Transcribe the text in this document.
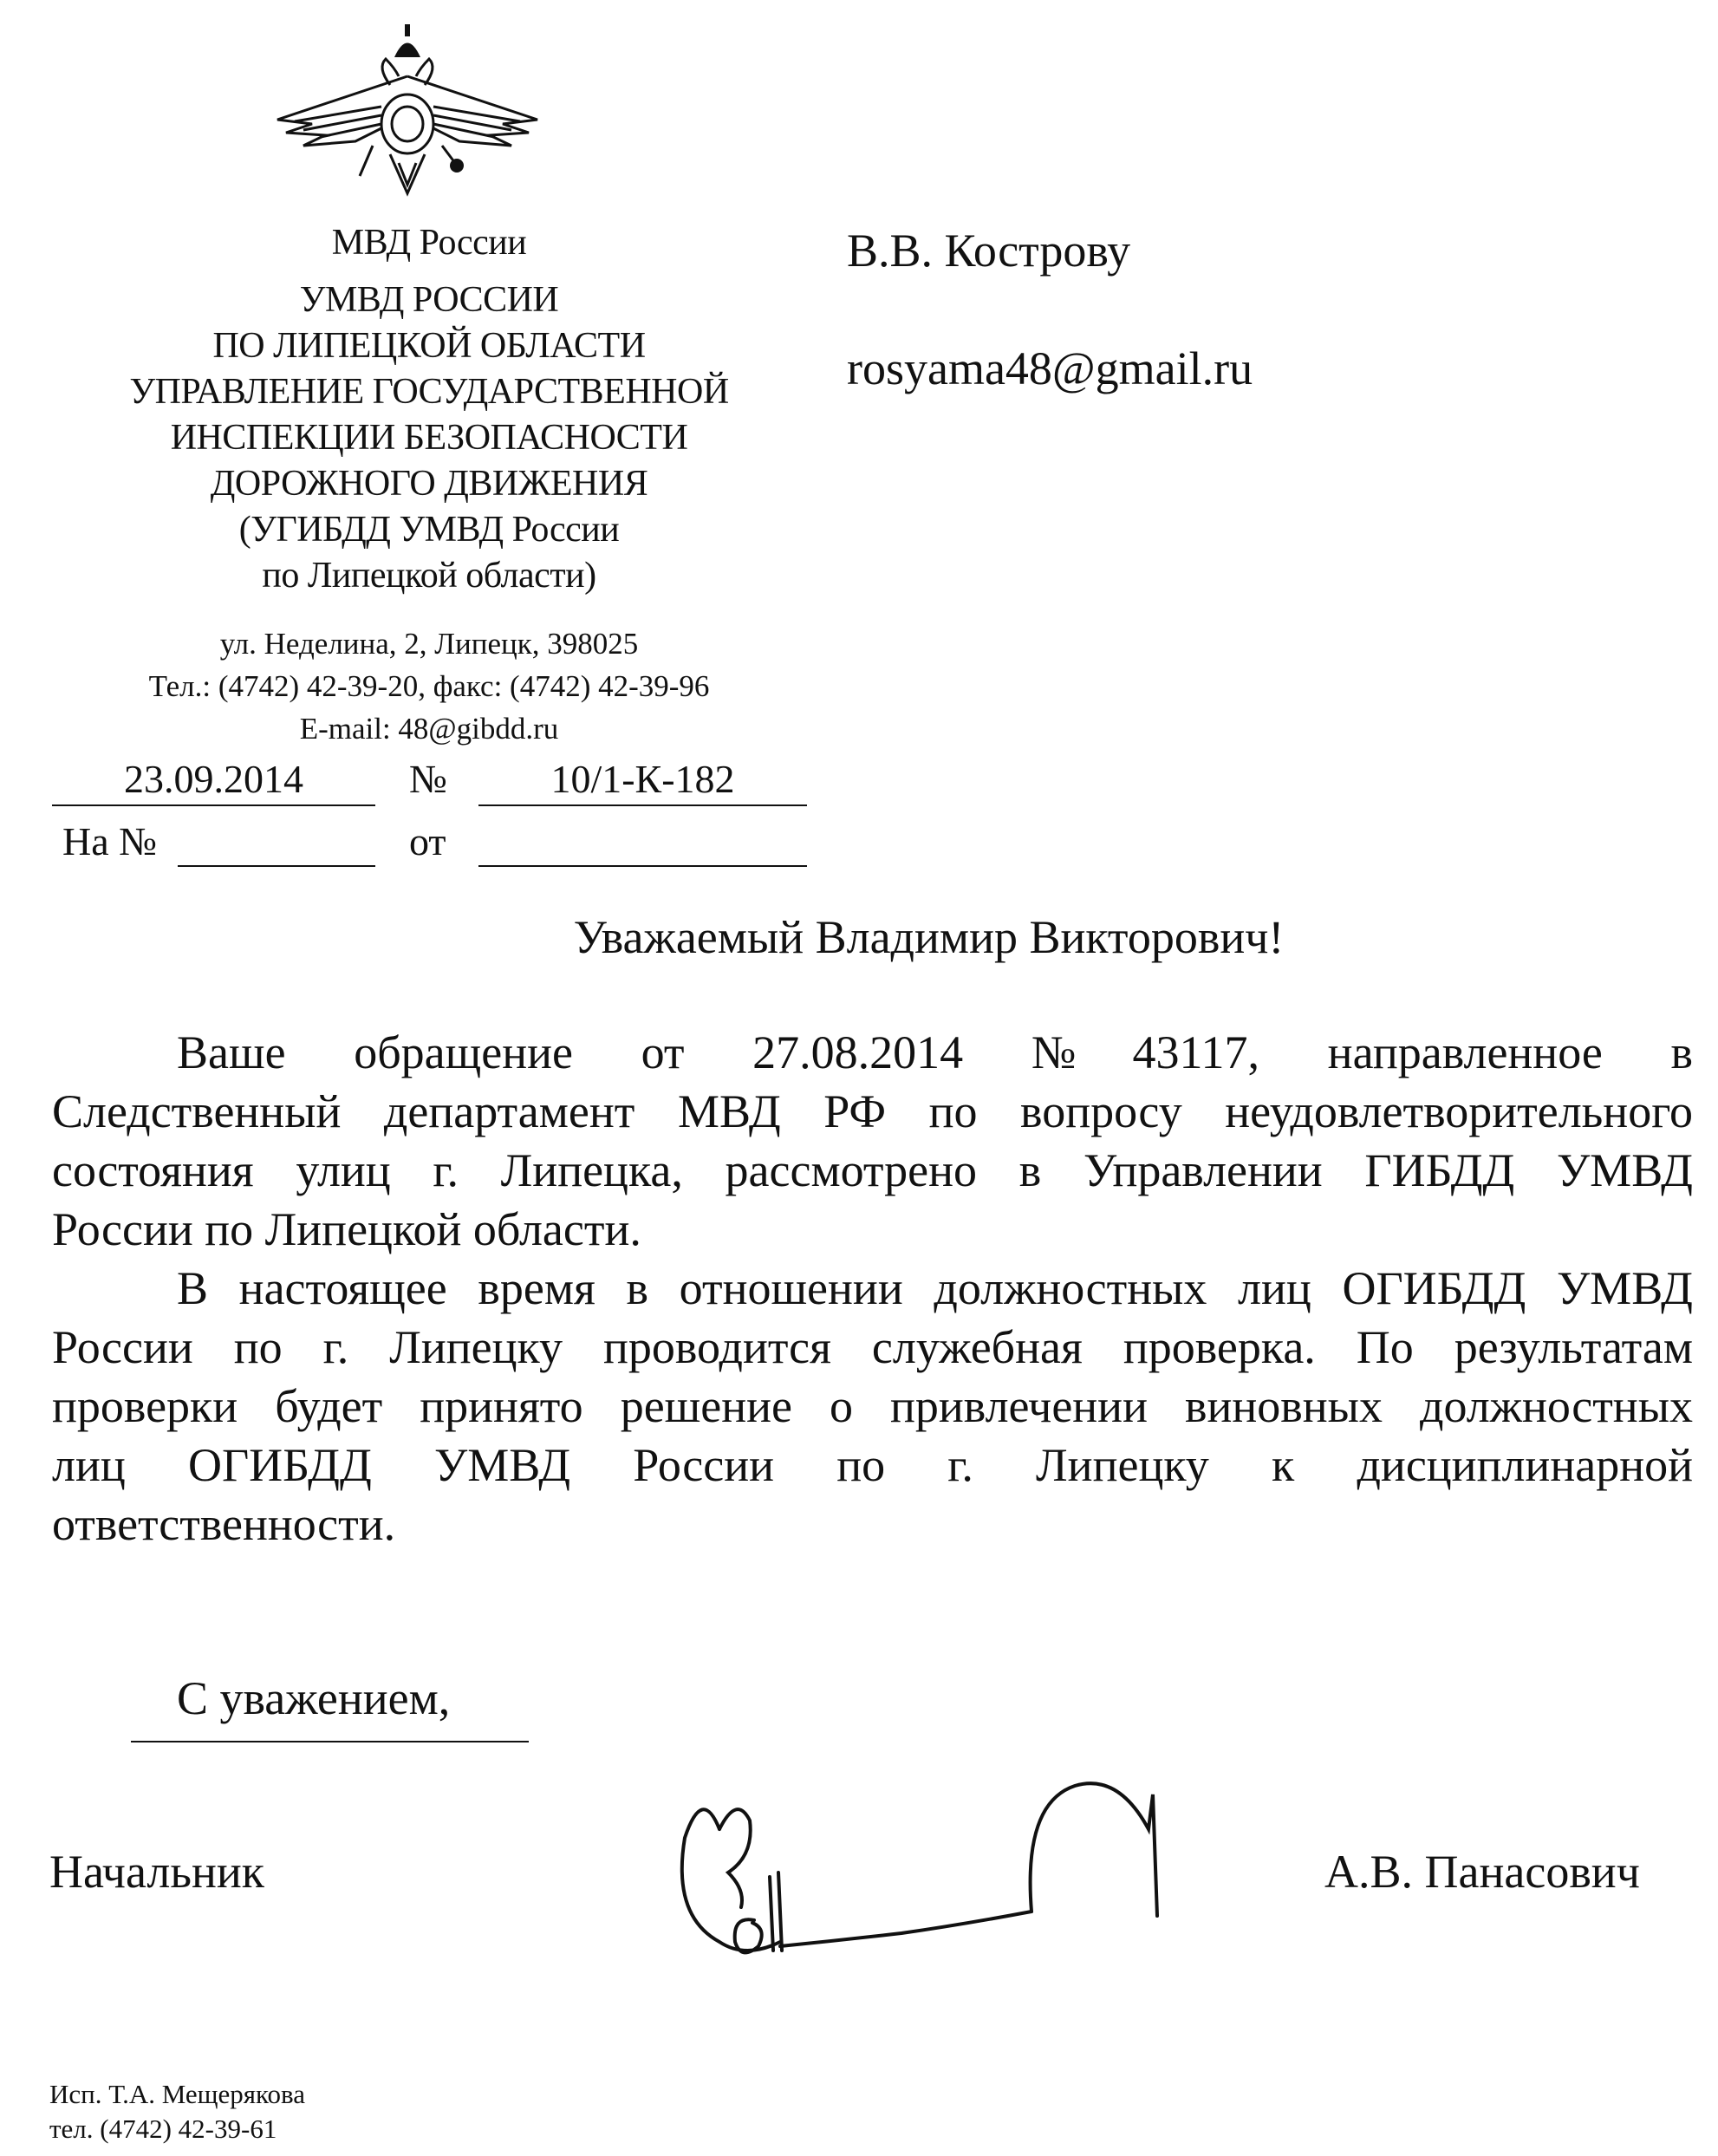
МВД России
УМВД РОССИИ
ПО ЛИПЕЦКОЙ ОБЛАСТИ
УПРАВЛЕНИЕ ГОСУДАРСТВЕННОЙ
ИНСПЕКЦИИ БЕЗОПАСНОСТИ
ДОРОЖНОГО ДВИЖЕНИЯ
(УГИБДД УМВД России
по Липецкой области)
ул. Неделина, 2, Липецк, 398025
Тел.: (4742) 42-39-20, факс: (4742) 42-39-96
E-mail: 48@gibdd.ru
23.09.2014	№	10/1-К-182
На №	от
В.В. Кострову
rosyama48@gmail.ru
Уважаемый Владимир Викторович!
Ваше обращение от 27.08.2014 №43117, направленное в
Следственный департамент МВД РФ по вопросу неудовлетворительного
состояния улиц г. Липецка, рассмотрено в Управлении ГИБДД УМВД
России по Липецкой области.
В настоящее время в отношении должностных лиц ОГИБДД УМВД
России по г. Липецку проводится служебная проверка. По результатам
проверки будет принято решение о привлечении виновных должностных
лиц ОГИБДД УМВД России по г. Липецку к дисциплинарной
ответственности.
С уважением,
Начальник	А.В. Панасович
Исп. Т.А. Мещерякова
тел. (4742) 42-39-61
